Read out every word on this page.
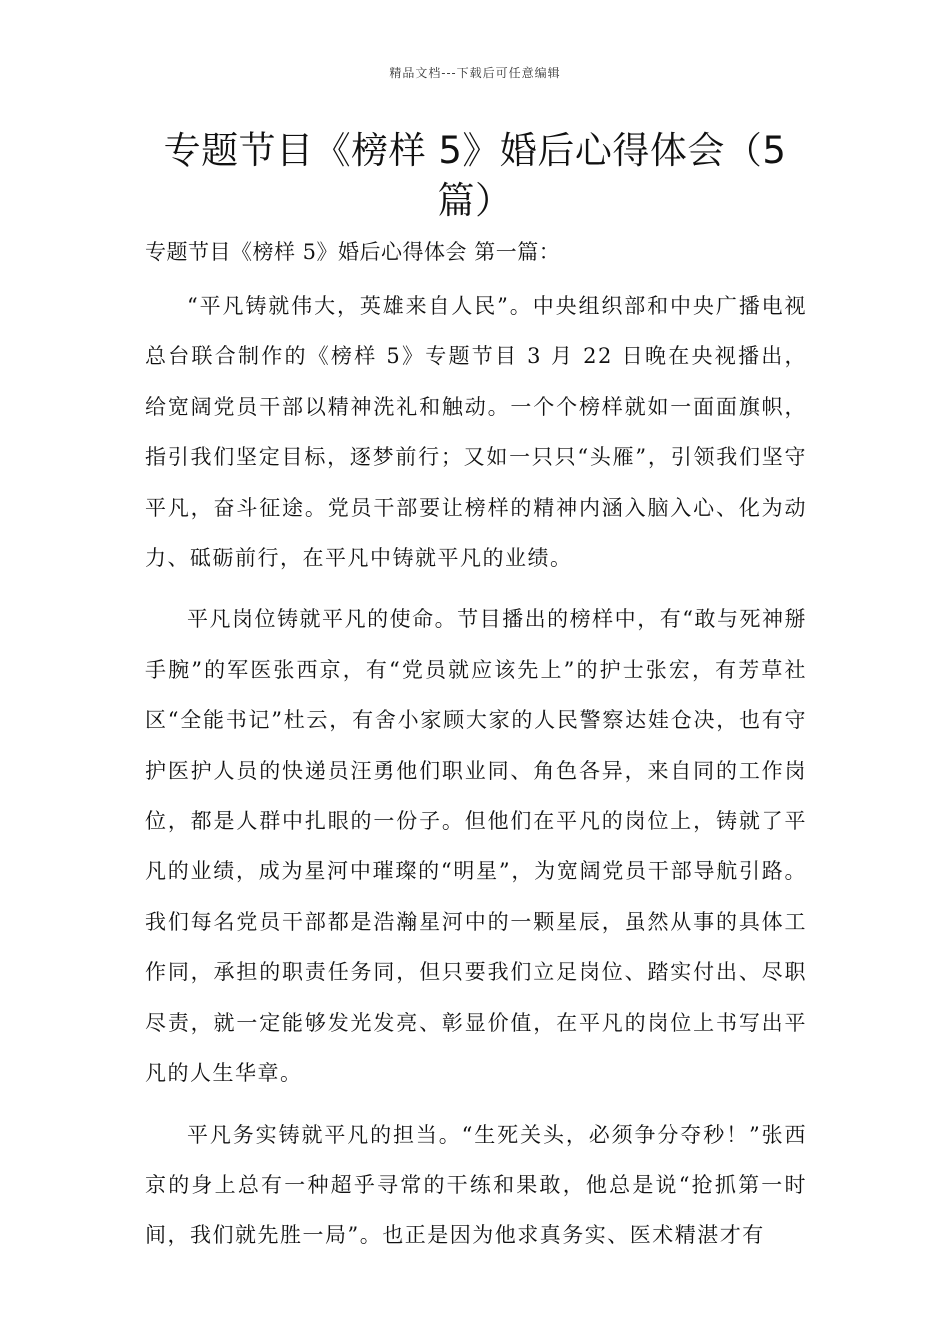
精品文档---下载后可任意编辑
专题节目《榜样 5》婚后心得体会（5篇）

专题节目《榜样 5》婚后心得体会 第一篇：

“平凡铸就伟大，英雄来自人民”。中央组织部和中央广播电视总台联合制作的《榜样 5》专题节目 3 月 22 日晚在央视播出，给宽阔党员干部以精神洗礼和触动。一个个榜样就如一面面旗帜，指引我们坚定目标，逐梦前行；又如一只只“头雁”，引领我们坚守平凡，奋斗征途。党员干部要让榜样的精神内涵入脑入心、化为动力、砥砺前行，在平凡中铸就平凡的业绩。

平凡岗位铸就平凡的使命。节目播出的榜样中，有“敢与死神掰手腕”的军医张西京，有“党员就应该先上”的护士张宏，有芳草社区“全能书记”杜云，有舍小家顾大家的人民警察达娃仓决，也有守护医护人员的快递员汪勇他们职业同、角色各异，来自同的工作岗位，都是人群中扎眼的一份子。但他们在平凡的岗位上，铸就了平凡的业绩，成为星河中璀璨的“明星”，为宽阔党员干部导航引路。我们每名党员干部都是浩瀚星河中的一颗星辰，虽然从事的具体工作同，承担的职责任务同，但只要我们立足岗位、踏实付出、尽职尽责，就一定能够发光发亮、彰显价值，在平凡的岗位上书写出平凡的人生华章。

平凡务实铸就平凡的担当。“生死关头，必须争分夺秒！”张西京的身上总有一种超乎寻常的干练和果敢，他总是说“抢抓第一时间，我们就先胜一局”。也正是因为他求真务实、医术精湛才有
